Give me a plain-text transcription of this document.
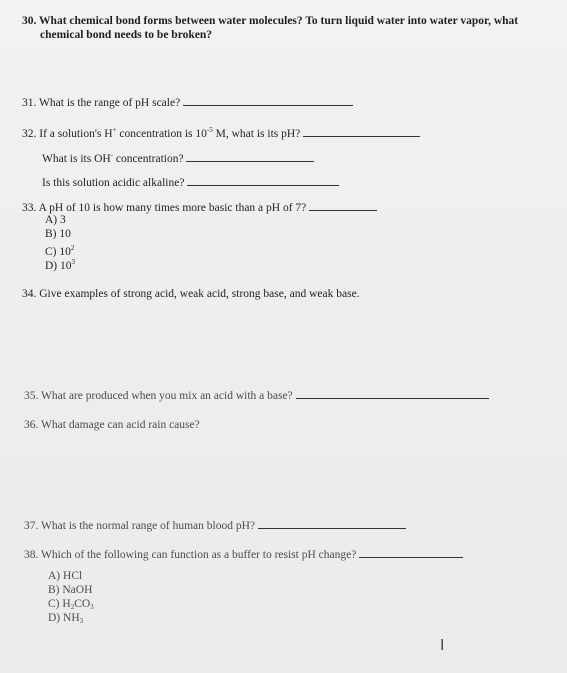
30. What chemical bond forms between water molecules? To turn liquid water into water vapor, what
chemical bond needs to be broken?
31. What is the range of pH scale?
32. If a solution's H+ concentration is $10^{-5}$ M, what is its pH?
What is its OH- concentration?
Is this solution acidic alkaline?
33. A pH of 10 is how many times more basic than a pH of 7?
A) 3
B) 10
C) $10^2$
D) $10^3$
34. Give examples of strong acid, weak acid, strong base, and weak base.
35. What are produced when you mix an acid with a base?
36. What damage can acid rain cause?
37. What is the normal range of human blood pH?
38. Which of the following can function as a buffer to resist pH change?
A) HCl
B) NaOH
C) $H_2CO_3$
D) $NH_3$
I
